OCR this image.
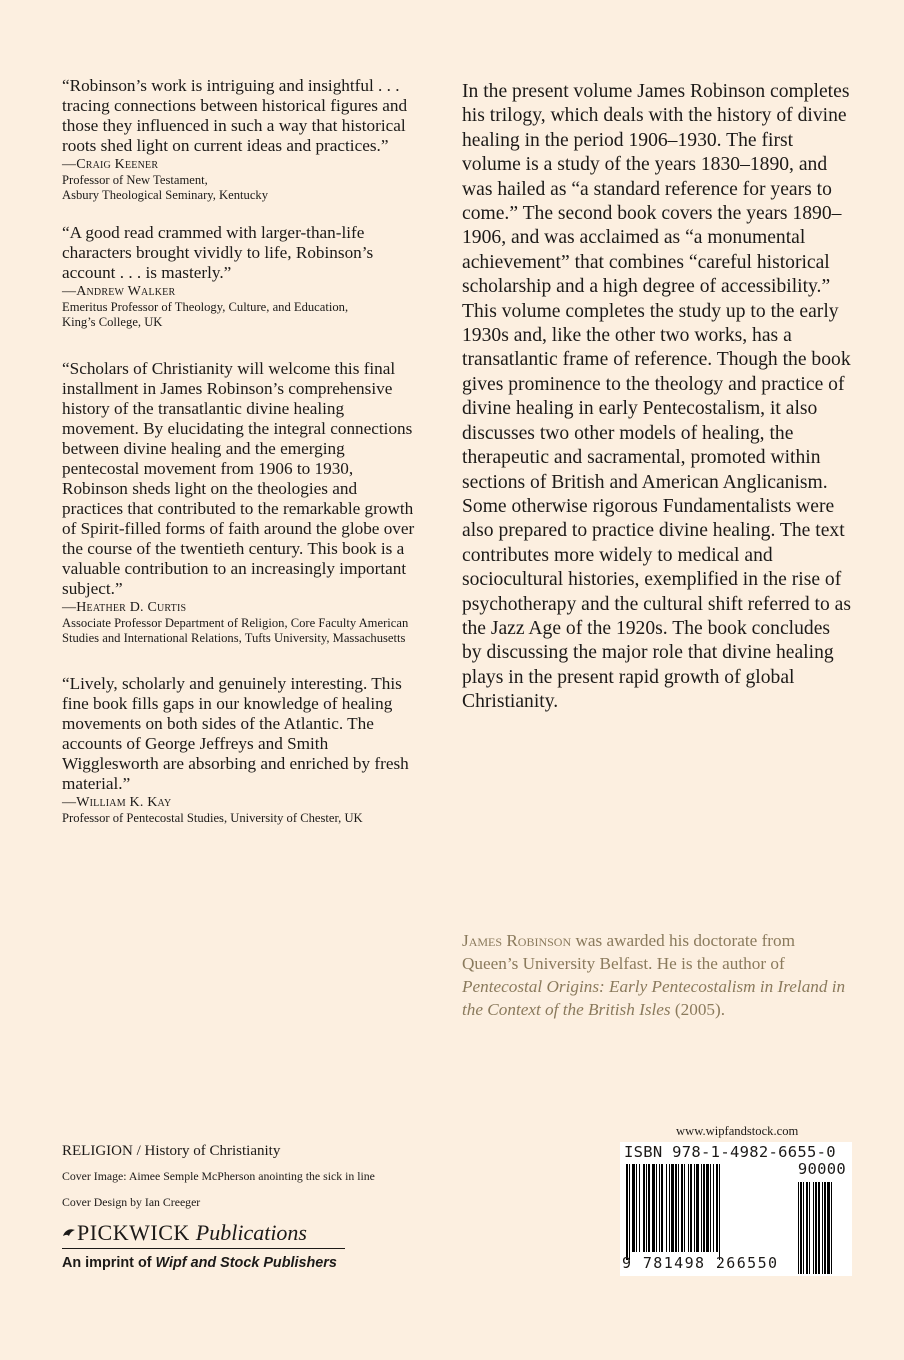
“Robinson’s work is intriguing and insightful . . . tracing connections between historical figures and those they influenced in such a way that historical roots shed light on current ideas and practices.”

—Craig Keener
Professor of New Testament,
Asbury Theological Seminary, Kentucky

“A good read crammed with larger-than-life characters brought vividly to life, Robinson’s account . . . is masterly.”

—Andrew Walker
Emeritus Professor of Theology, Culture, and Education,
King’s College, UK

“Scholars of Christianity will welcome this final installment in James Robinson’s comprehensive history of the transatlantic divine healing movement. By elucidating the integral connections between divine healing and the emerging pentecostal movement from 1906 to 1930, Robinson sheds light on the theologies and practices that contributed to the remarkable growth of Spirit-filled forms of faith around the globe over the course of the twentieth century. This book is a valuable contribution to an increasingly important subject.”

—Heather D. Curtis
Associate Professor Department of Religion, Core Faculty American Studies and International Relations, Tufts University, Massachusetts

“Lively, scholarly and genuinely interesting. This fine book fills gaps in our knowledge of healing movements on both sides of the Atlantic. The accounts of George Jeffreys and Smith Wigglesworth are absorbing and enriched by fresh material.”

—William K. Kay
Professor of Pentecostal Studies, University of Chester, UK

In the present volume James Robinson completes his trilogy, which deals with the history of divine healing in the period 1906–1930. The first volume is a study of the years 1830–1890, and was hailed as “a standard reference for years to come.” The second book covers the years 1890–1906, and was acclaimed as “a monumental achievement” that combines “careful historical scholarship and a high degree of accessibility.” This volume completes the study up to the early 1930s and, like the other two works, has a transatlantic frame of reference. Though the book gives prominence to the theology and practice of divine healing in early Pentecostalism, it also discusses two other models of healing, the therapeutic and sacramental, promoted within sections of British and American Anglicanism. Some otherwise rigorous Fundamentalists were also prepared to practice divine healing. The text contributes more widely to medical and sociocultural histories, exemplified in the rise of psychotherapy and the cultural shift referred to as the Jazz Age of the 1920s. The book concludes by discussing the major role that divine healing plays in the present rapid growth of global Christianity.

James Robinson was awarded his doctorate from Queen’s University Belfast. He is the author of Pentecostal Origins: Early Pentecostalism in Ireland in the Context of the British Isles (2005).
RELIGION / History of Christianity
Cover Image: Aimee Semple McPherson anointing the sick in line
Cover Design by Ian Creeger
PICKWICK Publications
An imprint of Wipf and Stock Publishers
www.wipfandstock.com
ISBN 978-1-4982-6655-0
90000
9 781498 266550
